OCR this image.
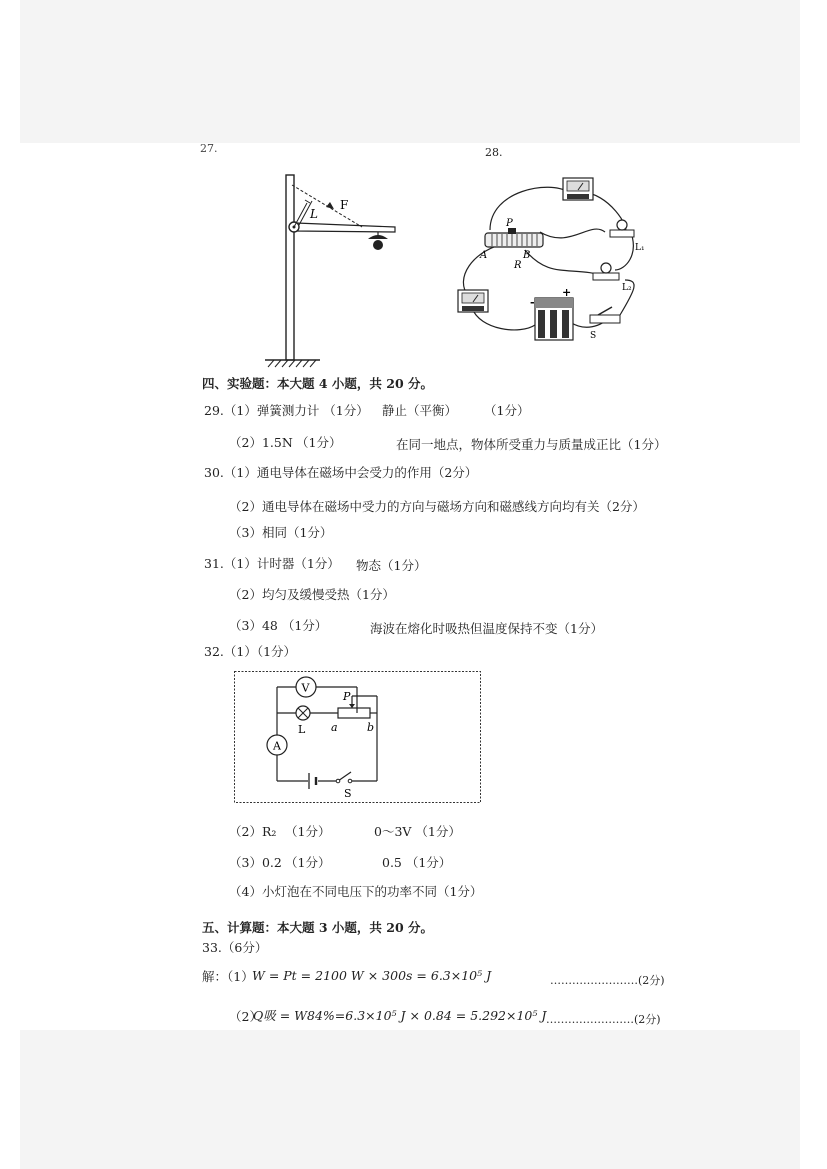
27.	28.
F
L
P
A
R
B
L₁
L₂
S
-
+
四、实验题：本大题 4 小题，共 20 分。
29.（1）弹簧测力计 （1分） 静止（平衡） （1分）
（2）1.5N （1分）	在同一地点，物体所受重力与质量成正比（1分）
30.（1）通电导体在磁场中会受力的作用（2分）
（2）通电导体在磁场中受力的方向与磁场方向和磁感线方向均有关（2分）
（3）相同（1分）
31.（1）计时器（1分） 物态（1分）
（2）均匀及缓慢受热（1分）
（3）48 （1分）	海波在熔化时吸热但温度保持不变（1分）
32.（1）（1分）
V
A
L
P
a	b
S
（2）R₂ （1分）	0～3V （1分）
（3）0.2 （1分）	0.5 （1分）
（4）小灯泡在不同电压下的功率不同（1分）
五、计算题：本大题 3 小题，共 20 分。
33.（6分）
解：（1）
W = Pt = 2100 W × 300s = 6.3×10⁵ J	……………………(2分)
（2）
Q吸 = W84%=6.3×10⁵ J × 0.84 = 5.292×10⁵ J ……………………(2分)
